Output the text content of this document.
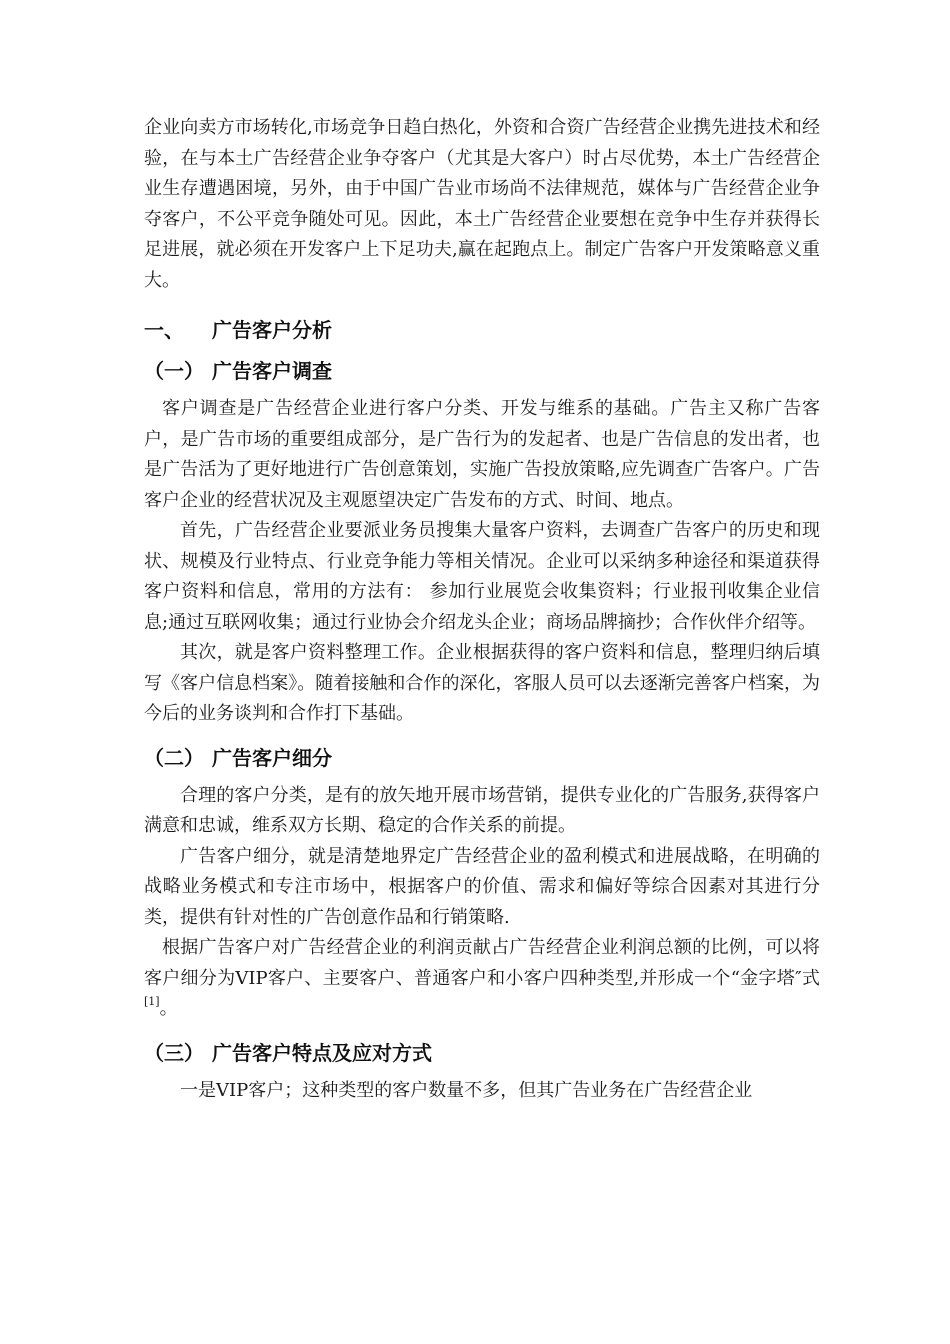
企业向卖方市场转化,市场竞争日趋白热化，外资和合资广告经营企业携先进技术和经验，在与本土广告经营企业争夺客户（尤其是大客户）时占尽优势，本土广告经营企业生存遭遇困境，另外，由于中国广告业市场尚不法律规范，媒体与广告经营企业争夺客户，不公平竞争随处可见。因此，本土广告经营企业要想在竞争中生存并获得长足进展，就必须在开发客户上下足功夫,赢在起跑点上。制定广告客户开发策略意义重大。

一、	广告客户分析
（一） 广告客户调查

客户调查是广告经营企业进行客户分类、开发与维系的基础。广告主又称广告客户，是广告市场的重要组成部分，是广告行为的发起者、也是广告信息的发出者，也是广告活为了更好地进行广告创意策划，实施广告投放策略,应先调查广告客户。广告客户企业的经营状况及主观愿望决定广告发布的方式、时间、地点。

首先，广告经营企业要派业务员搜集大量客户资料，去调查广告客户的历史和现状、规模及行业特点、行业竞争能力等相关情况。企业可以采纳多种途径和渠道获得客户资料和信息，常用的方法有： 参加行业展览会收集资料；行业报刊收集企业信息;通过互联网收集；通过行业协会介绍龙头企业；商场品牌摘抄；合作伙伴介绍等。

其次，就是客户资料整理工作。企业根据获得的客户资料和信息，整理归纳后填写《客户信息档案》。随着接触和合作的深化，客服人员可以去逐渐完善客户档案，为今后的业务谈判和合作打下基础。

（二） 广告客户细分

合理的客户分类，是有的放矢地开展市场营销，提供专业化的广告服务,获得客户满意和忠诚，维系双方长期、稳定的合作关系的前提。

广告客户细分，就是清楚地界定广告经营企业的盈利模式和进展战略，在明确的战略业务模式和专注市场中，根据客户的价值、需求和偏好等综合因素对其进行分类，提供有针对性的广告创意作品和行销策略.

根据广告客户对广告经营企业的利润贡献占广告经营企业利润总额的比例，可以将客户细分为VIP客户、主要客户、普通客户和小客户四种类型,并形成一个“金字塔″式[1]。

（三） 广告客户特点及应对方式

一是VIP客户；这种类型的客户数量不多，但其广告业务在广告经营企业
